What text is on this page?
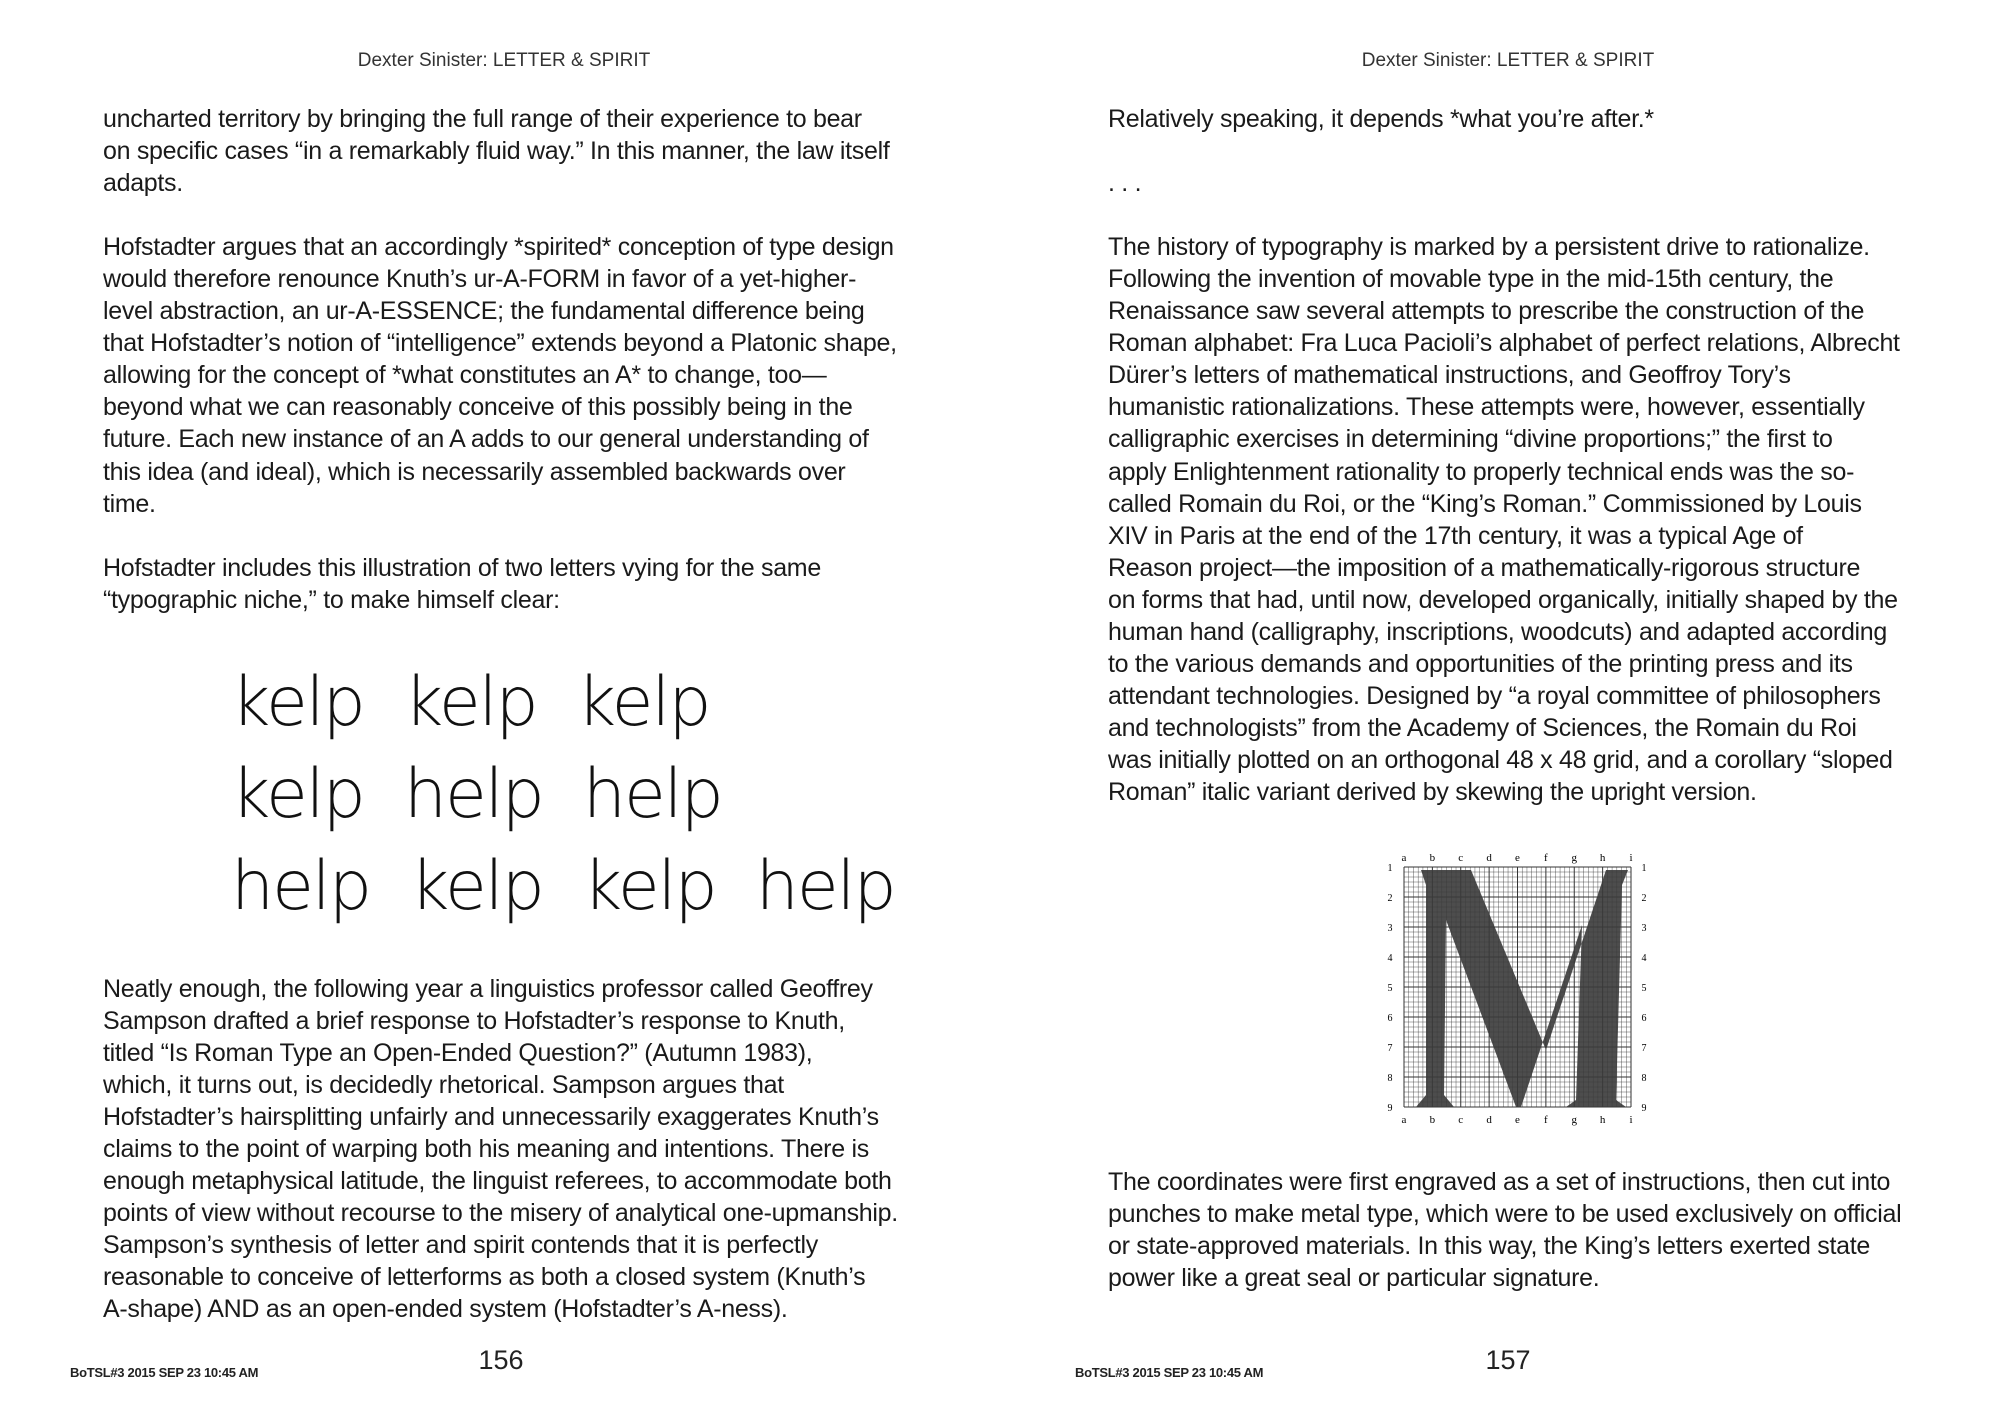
Dexter Sinister: LETTER & SPIRIT
uncharted territory by bringing the full range of their experience to bear
on specific cases “in a remarkably fluid way.” In this manner, the law itself
adapts.
Hofstadter argues that an accordingly *spirited* conception of type design
would therefore renounce Knuth’s ur-A-FORM in favor of a yet-higher-
level abstraction, an ur-A-ESSENCE; the fundamental difference being
that Hofstadter’s notion of “intelligence” extends beyond a Platonic shape,
allowing for the concept of *what constitutes an A* to change, too—
beyond what we can reasonably conceive of this possibly being in the
future. Each new instance of an A adds to our general understanding of
this idea (and ideal), which is necessarily assembled backwards over
time.
Hofstadter includes this illustration of two letters vying for the same
“typographic niche,” to make himself clear:
kelp kelp kelp
kelp help help
help kelp kelp help
Neatly enough, the following year a linguistics professor called Geoffrey
Sampson drafted a brief response to Hofstadter’s response to Knuth,
titled “Is Roman Type an Open-Ended Question?” (Autumn 1983),
which, it turns out, is decidedly rhetorical. Sampson argues that
Hofstadter’s hairsplitting unfairly and unnecessarily exaggerates Knuth’s
claims to the point of warping both his meaning and intentions. There is
enough metaphysical latitude, the linguist referees, to accommodate both
points of view without recourse to the misery of analytical one-upmanship.
Sampson’s synthesis of letter and spirit contends that it is perfectly
reasonable to conceive of letterforms as both a closed system (Knuth’s
A-shape) AND as an open-ended system (Hofstadter’s A-ness).
156
BoTSL#3 2015 SEP 23 10:45 AM
Dexter Sinister: LETTER & SPIRIT
Relatively speaking, it depends *what you’re after.*
. . .
The history of typography is marked by a persistent drive to rationalize.
Following the invention of movable type in the mid-15th century, the
Renaissance saw several attempts to prescribe the construction of the
Roman alphabet: Fra Luca Pacioli’s alphabet of perfect relations, Albrecht
Dürer’s letters of mathematical instructions, and Geoffroy Tory’s
humanistic rationalizations. These attempts were, however, essentially
calligraphic exercises in determining “divine proportions;” the first to
apply Enlightenment rationality to properly technical ends was the so-
called Romain du Roi, or the “King’s Roman.” Commissioned by Louis
XIV in Paris at the end of the 17th century, it was a typical Age of
Reason project—the imposition of a mathematically-rigorous structure
on forms that had, until now, developed organically, initially shaped by the
human hand (calligraphy, inscriptions, woodcuts) and adapted according
to the various demands and opportunities of the printing press and its
attendant technologies. Designed by “a royal committee of philosophers
and technologists” from the Academy of Sciences, the Romain du Roi
was initially plotted on an orthogonal 48 x 48 grid, and a corollary “sloped
Roman” italic variant derived by skewing the upright version.
The coordinates were first engraved as a set of instructions, then cut into
punches to make metal type, which were to be used exclusively on official
or state-approved materials. In this way, the King’s letters exerted state
power like a great seal or particular signature.
157
BoTSL#3 2015 SEP 23 10:45 AM
a
a
b
b
c
c
d
d
e
e
f
f
g
g
h
h
i
i
1	1
2	2
3	3
4	4
5	5
6	6
7	7
8	8
9	9
